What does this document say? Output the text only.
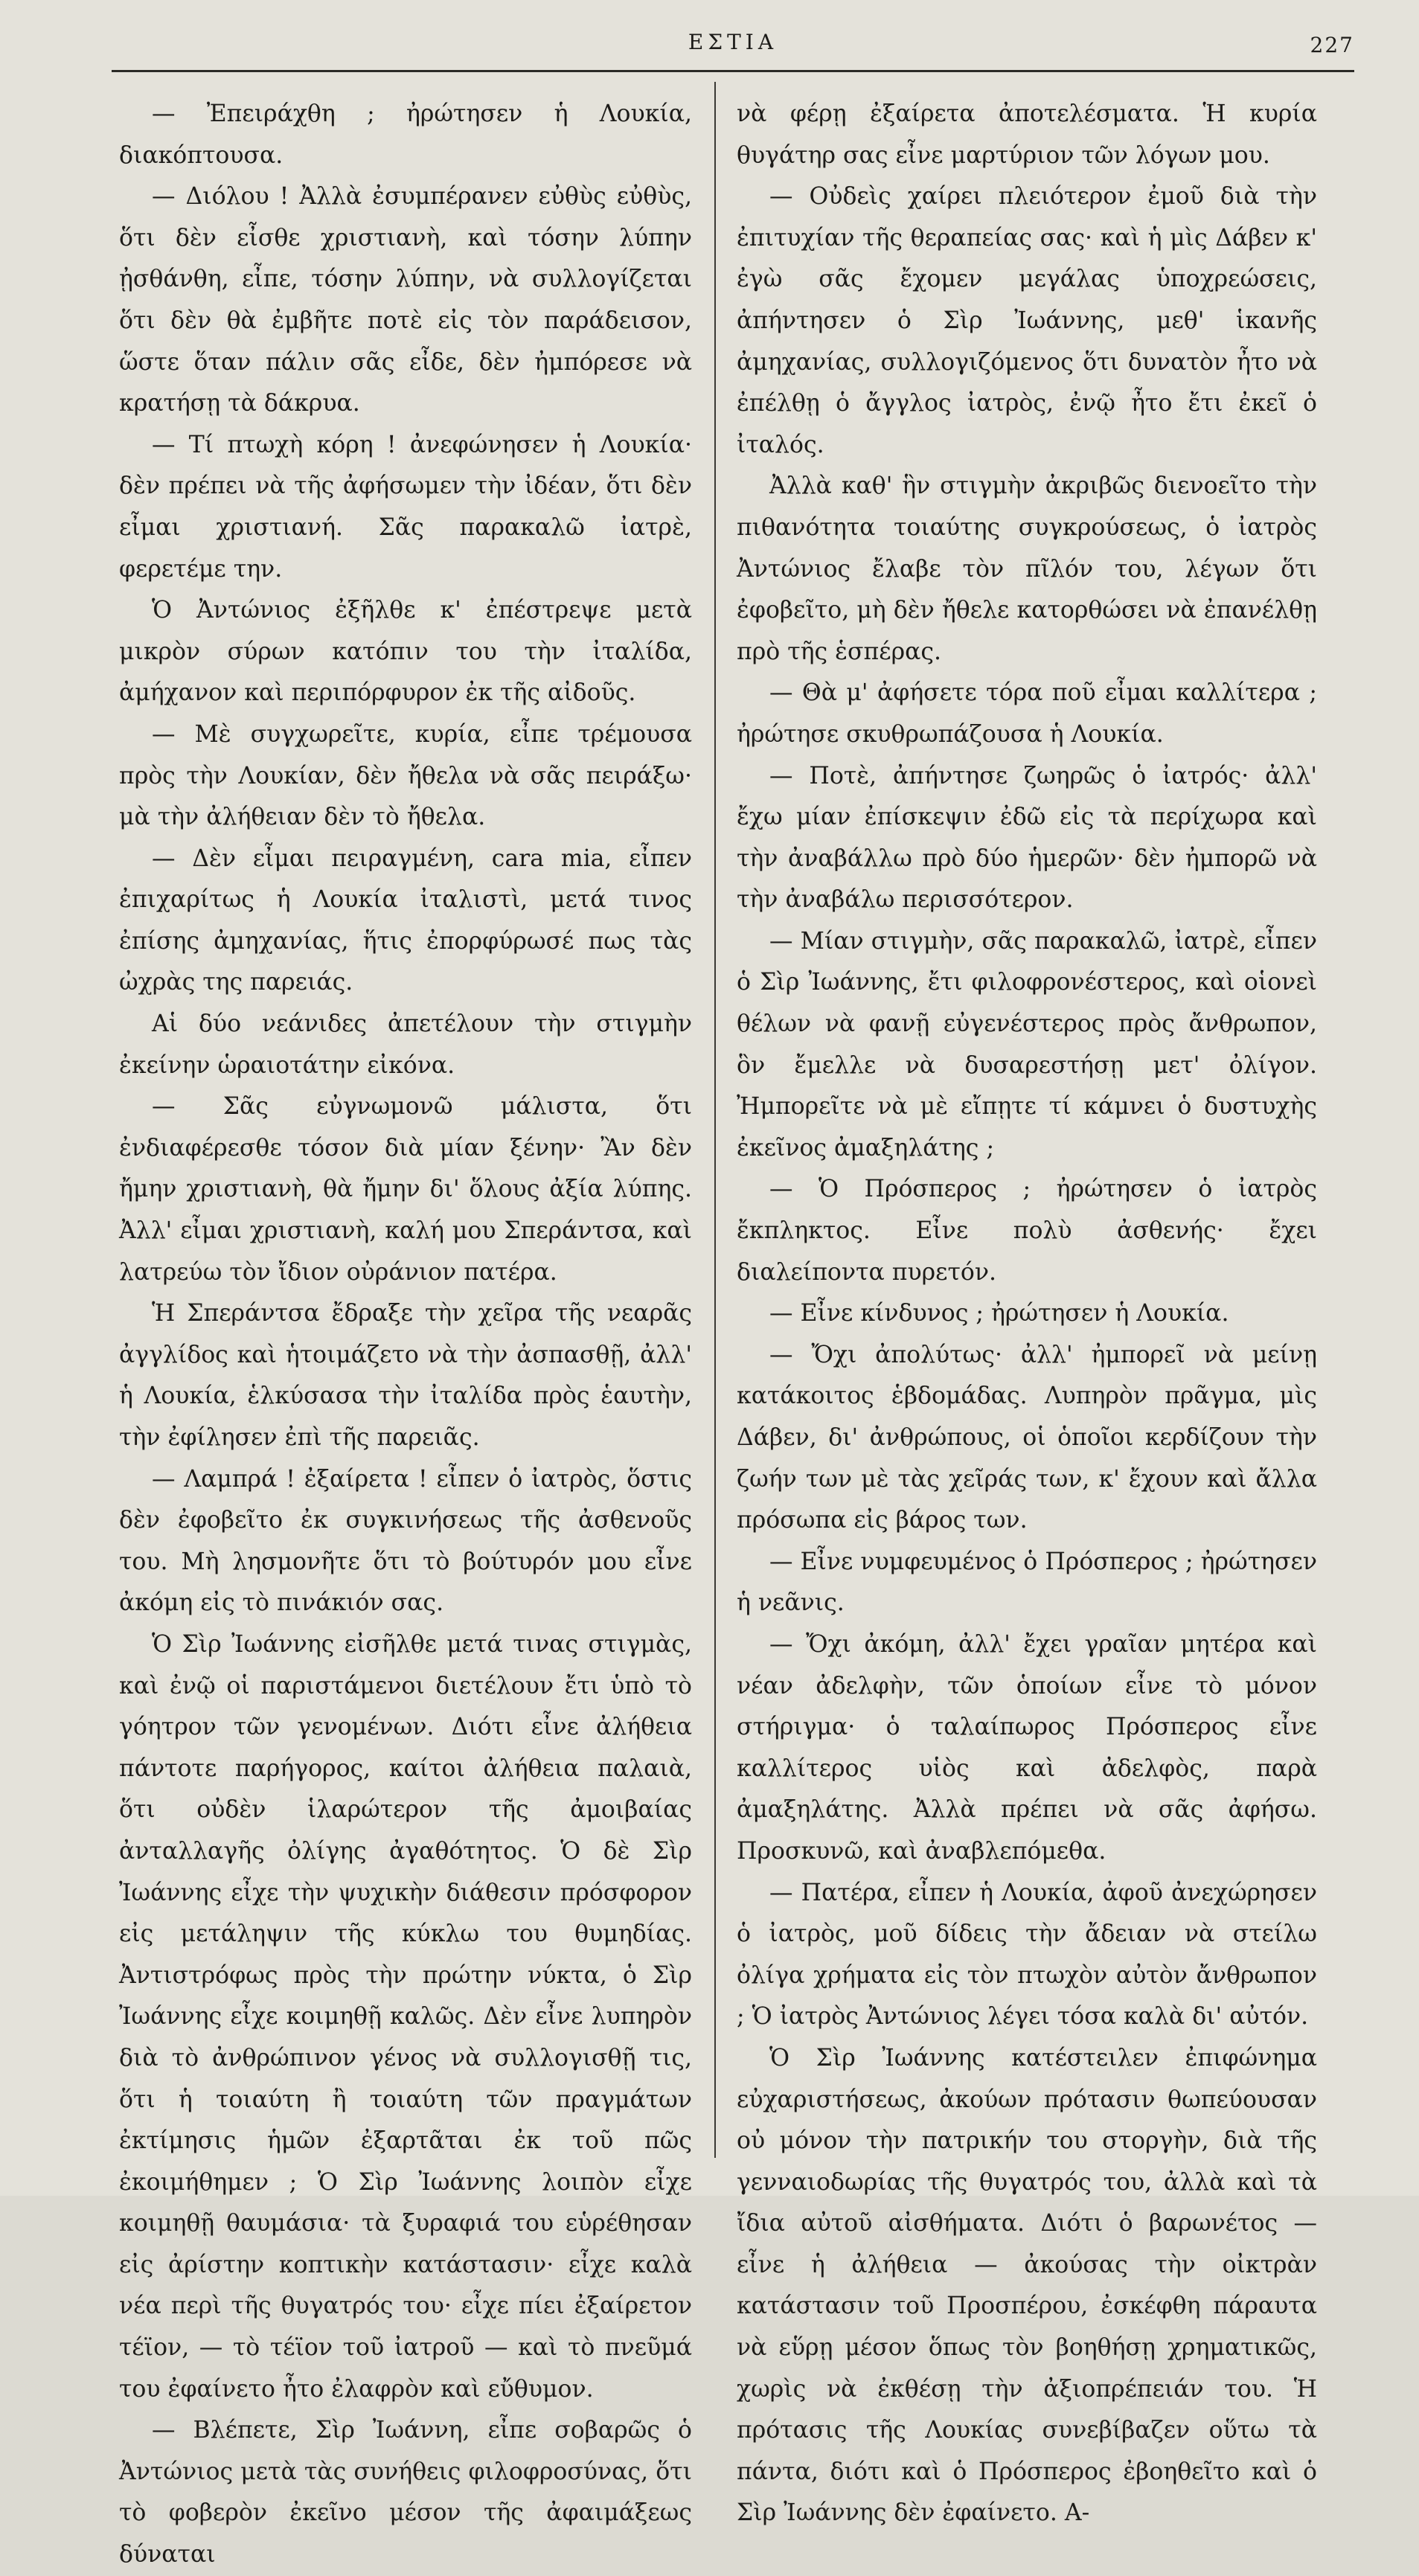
ΕΣΤΙΑ	227

— Ἐπειράχθη ; ἠρώτησεν ἡ Λουκία, διακόπτουσα.

— Διόλου ! Ἀλλὰ ἐσυμπέρανεν εὐθὺς εὐθὺς, ὅτι δὲν εἶσθε χριστιανὴ, καὶ τόσην λύπην ᾐσθάνθη, εἶπε, τόσην λύπην, νὰ συλλογίζεται ὅτι δὲν θὰ ἐμβῆτε ποτὲ εἰς τὸν παράδεισον, ὥστε ὅταν πάλιν σᾶς εἶδε, δὲν ἠμπόρεσε νὰ κρατήσῃ τὰ δάκρυα.

— Τί πτωχὴ κόρη ! ἀνεφώνησεν ἡ Λουκία· δὲν πρέπει νὰ τῆς ἀφήσωμεν τὴν ἰδέαν, ὅτι δὲν εἶμαι χριστιανή. Σᾶς παρακαλῶ ἰατρὲ, φερετέμε την.

Ὁ Ἀντώνιος ἐξῆλθε κ' ἐπέστρεψε μετὰ μικρὸν σύρων κατόπιν του τὴν ἰταλίδα, ἀμήχανον καὶ περιπόρφυρον ἐκ τῆς αἰδοῦς.

— Μὲ συγχωρεῖτε, κυρία, εἶπε τρέμουσα πρὸς τὴν Λουκίαν, δὲν ἤθελα νὰ σᾶς πειράξω· μὰ τὴν ἀλήθειαν δὲν τὸ ἤθελα.

— Δὲν εἶμαι πειραγμένη, cara mia, εἶπεν ἐπιχαρίτως ἡ Λουκία ἰταλιστὶ, μετά τινος ἐπίσης ἀμηχανίας, ἥτις ἐπορφύρωσέ πως τὰς ὠχρὰς της παρειάς.

Αἱ δύο νεάνιδες ἀπετέλουν τὴν στιγμὴν ἐκείνην ὡραιοτάτην εἰκόνα.

— Σᾶς εὐγνωμονῶ μάλιστα, ὅτι ἐνδιαφέρεσθε τόσον διὰ μίαν ξένην· Ἂν δὲν ἤμην χριστιανὴ, θὰ ἤμην δι' ὅλους ἀξία λύπης. Ἀλλ' εἶμαι χριστιανὴ, καλή μου Σπεράντσα, καὶ λατρεύω τὸν ἴδιον οὐράνιον πατέρα.

Ἡ Σπεράντσα ἔδραξε τὴν χεῖρα τῆς νεαρᾶς ἀγγλίδος καὶ ἡτοιμάζετο νὰ τὴν ἀσπασθῇ, ἀλλ' ἡ Λουκία, ἑλκύσασα τὴν ἰταλίδα πρὸς ἑαυτὴν, τὴν ἐφίλησεν ἐπὶ τῆς παρειᾶς.

— Λαμπρά ! ἐξαίρετα ! εἶπεν ὁ ἰατρὸς, ὅστις δὲν ἐφοβεῖτο ἐκ συγκινήσεως τῆς ἀσθενοῦς του. Μὴ λησμονῆτε ὅτι τὸ βούτυρόν μου εἶνε ἀκόμη εἰς τὸ πινάκιόν σας.

Ὁ Σὶρ Ἰωάννης εἰσῆλθε μετά τινας στιγμὰς, καὶ ἐνῷ οἱ παριστάμενοι διετέλουν ἔτι ὑπὸ τὸ γόητρον τῶν γενομένων. Διότι εἶνε ἀλήθεια πάντοτε παρήγορος, καίτοι ἀλήθεια παλαιὰ, ὅτι οὐδὲν ἱλαρώτερον τῆς ἀμοιβαίας ἀνταλλαγῆς ὀλίγης ἀγαθότητος. Ὁ δὲ Σὶρ Ἰωάννης εἶχε τὴν ψυχικὴν διάθεσιν πρόσφορον εἰς μετάληψιν τῆς κύκλω του θυμηδίας. Ἀντιστρόφως πρὸς τὴν πρώτην νύκτα, ὁ Σὶρ Ἰωάννης εἶχε κοιμηθῇ καλῶς. Δὲν εἶνε λυπηρὸν διὰ τὸ ἀνθρώπινον γένος νὰ συλλογισθῇ τις, ὅτι ἡ τοιαύτη ἢ τοιαύτη τῶν πραγμάτων ἐκτίμησις ἡμῶν ἐξαρτᾶται ἐκ τοῦ πῶς ἐκοιμήθημεν ; Ὁ Σὶρ Ἰωάννης λοιπὸν εἶχε κοιμηθῇ θαυμάσια· τὰ ξυραφιά του εὑρέθησαν εἰς ἀρίστην κοπτικὴν κατάστασιν· εἶχε καλὰ νέα περὶ τῆς θυγατρός του· εἶχε πίει ἐξαίρετον τέϊον, — τὸ τέϊον τοῦ ἰατροῦ — καὶ τὸ πνεῦμά του ἐφαίνετο ἦτο ἐλαφρὸν καὶ εὔθυμον.

— Βλέπετε, Σὶρ Ἰωάννη, εἶπε σοβαρῶς ὁ Ἀντώνιος μετὰ τὰς συνήθεις φιλοφροσύνας, ὅτι τὸ φοβερὸν ἐκεῖνο μέσον τῆς ἀφαιμάξεως δύναται

νὰ φέρῃ ἐξαίρετα ἀποτελέσματα. Ἡ κυρία θυγάτηρ σας εἶνε μαρτύριον τῶν λόγων μου.

— Οὐδεὶς χαίρει πλειότερον ἐμοῦ διὰ τὴν ἐπιτυχίαν τῆς θεραπείας σας· καὶ ἡ μὶς Δάβεν κ' ἐγὼ σᾶς ἔχομεν μεγάλας ὑποχρεώσεις, ἀπήντησεν ὁ Σὶρ Ἰωάννης, μεθ' ἱκανῆς ἀμηχανίας, συλλογιζόμενος ὅτι δυνατὸν ἦτο νὰ ἐπέλθῃ ὁ ἄγγλος ἰατρὸς, ἐνῷ ἦτο ἔτι ἐκεῖ ὁ ἰταλός.

Ἀλλὰ καθ' ἣν στιγμὴν ἀκριβῶς διενοεῖτο τὴν πιθανότητα τοιαύτης συγκρούσεως, ὁ ἰατρὸς Ἀντώνιος ἔλαβε τὸν πῖλόν του, λέγων ὅτι ἐφοβεῖτο, μὴ δὲν ἤθελε κατορθώσει νὰ ἐπανέλθῃ πρὸ τῆς ἑσπέρας.

— Θὰ μ' ἀφήσετε τόρα ποῦ εἶμαι καλλίτερα ; ἠρώτησε σκυθρωπάζουσα ἡ Λουκία.

— Ποτὲ, ἀπήντησε ζωηρῶς ὁ ἰατρός· ἀλλ' ἔχω μίαν ἐπίσκεψιν ἐδῶ εἰς τὰ περίχωρα καὶ τὴν ἀναβάλλω πρὸ δύο ἡμερῶν· δὲν ἠμπορῶ νὰ τὴν ἀναβάλω περισσότερον.

— Μίαν στιγμὴν, σᾶς παρακαλῶ, ἰατρὲ, εἶπεν ὁ Σὶρ Ἰωάννης, ἔτι φιλοφρονέστερος, καὶ οἱονεὶ θέλων νὰ φανῇ εὐγενέστερος πρὸς ἄνθρωπον, ὃν ἔμελλε νὰ δυσαρεστήσῃ μετ' ὀλίγον. Ἠμπορεῖτε νὰ μὲ εἴπῃτε τί κάμνει ὁ δυστυχὴς ἐκεῖνος ἀμαξηλάτης ;

— Ὁ Πρόσπερος ; ἠρώτησεν ὁ ἰατρὸς ἔκπληκτος. Εἶνε πολὺ ἀσθενής· ἔχει διαλείποντα πυρετόν.

— Εἶνε κίνδυνος ; ἠρώτησεν ἡ Λουκία.

— Ὄχι ἀπολύτως· ἀλλ' ἠμπορεῖ νὰ μείνῃ κατάκοιτος ἑβδομάδας. Λυπηρὸν πρᾶγμα, μὶς Δάβεν, δι' ἀνθρώπους, οἱ ὁποῖοι κερδίζουν τὴν ζωήν των μὲ τὰς χεῖράς των, κ' ἔχουν καὶ ἄλλα πρόσωπα εἰς βάρος των.

— Εἶνε νυμφευμένος ὁ Πρόσπερος ; ἠρώτησεν ἡ νεᾶνις.

— Ὄχι ἀκόμη, ἀλλ' ἔχει γραῖαν μητέρα καὶ νέαν ἀδελφὴν, τῶν ὁποίων εἶνε τὸ μόνον στήριγμα· ὁ ταλαίπωρος Πρόσπερος εἶνε καλλίτερος υἱὸς καὶ ἀδελφὸς, παρὰ ἀμαξηλάτης. Ἀλλὰ πρέπει νὰ σᾶς ἀφήσω. Προσκυνῶ, καὶ ἀναβλεπόμεθα.

— Πατέρα, εἶπεν ἡ Λουκία, ἀφοῦ ἀνεχώρησεν ὁ ἰατρὸς, μοῦ δίδεις τὴν ἄδειαν νὰ στείλω ὀλίγα χρήματα εἰς τὸν πτωχὸν αὐτὸν ἄνθρωπον ; Ὁ ἰατρὸς Ἀντώνιος λέγει τόσα καλὰ δι' αὐτόν.

Ὁ Σὶρ Ἰωάννης κατέστειλεν ἐπιφώνημα εὐχαριστήσεως, ἀκούων πρότασιν θωπεύουσαν οὐ μόνον τὴν πατρικήν του στοργὴν, διὰ τῆς γενναιοδωρίας τῆς θυγατρός του, ἀλλὰ καὶ τὰ ἴδια αὐτοῦ αἰσθήματα. Διότι ὁ βαρωνέτος — εἶνε ἡ ἀλήθεια — ἀκούσας τὴν οἰκτρὰν κατάστασιν τοῦ Προσπέρου, ἐσκέφθη πάραυτα νὰ εὕρῃ μέσον ὅπως τὸν βοηθήσῃ χρηματικῶς, χωρὶς νὰ ἐκθέσῃ τὴν ἀξιοπρέπειάν του. Ἡ πρότασις τῆς Λουκίας συνεβίβαζεν οὕτω τὰ πάντα, διότι καὶ ὁ Πρόσπερος ἐβοηθεῖτο καὶ ὁ Σὶρ Ἰωάννης δὲν ἐφαίνετο. Α-
